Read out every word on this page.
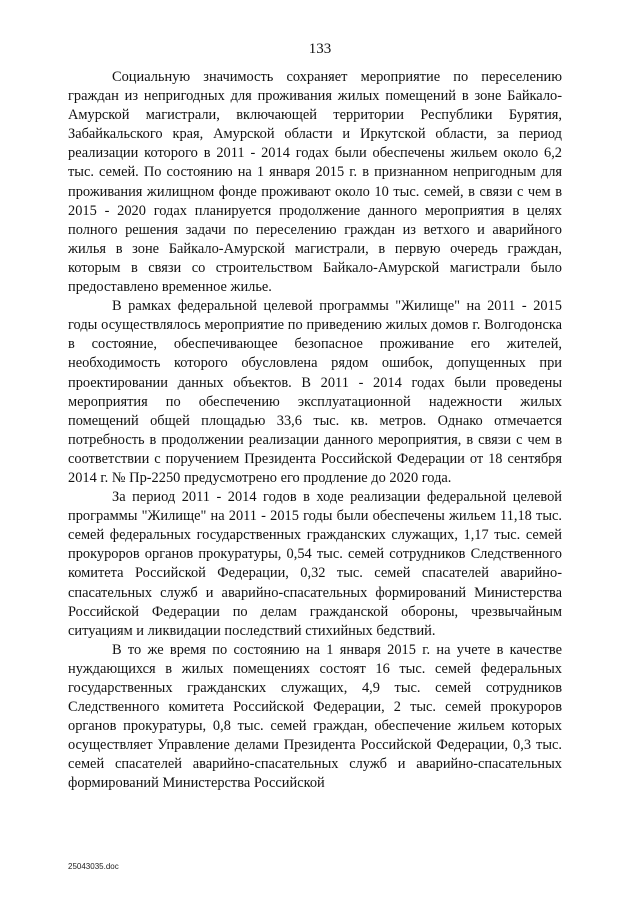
133

Социальную значимость сохраняет мероприятие по переселению граждан из непригодных для проживания жилых помещений в зоне Байкало-Амурской магистрали, включающей территории Республики Бурятия, Забайкальского края, Амурской области и Иркутской области, за период реализации которого в 2011 - 2014 годах были обеспечены жильем около 6,2 тыс. семей. По состоянию на 1 января 2015 г. в признанном непригодным для проживания жилищном фонде проживают около 10 тыс. семей, в связи с чем в 2015 - 2020 годах планируется продолжение данного мероприятия в целях полного решения задачи по переселению граждан из ветхого и аварийного жилья в зоне Байкало-Амурской магистрали, в первую очередь граждан, которым в связи со строительством Байкало-Амурской магистрали было предоставлено временное жилье.

В рамках федеральной целевой программы "Жилище" на 2011 - 2015 годы осуществлялось мероприятие по приведению жилых домов г. Волгодонска в состояние, обеспечивающее безопасное проживание его жителей, необходимость которого обусловлена рядом ошибок, допущенных при проектировании данных объектов. В 2011 - 2014 годах были проведены мероприятия по обеспечению эксплуатационной надежности жилых помещений общей площадью 33,6 тыс. кв. метров. Однако отмечается потребность в продолжении реализации данного мероприятия, в связи с чем в соответствии с поручением Президента Российской Федерации от 18 сентября 2014 г. № Пр-2250 предусмотрено его продление до 2020 года.

За период 2011 - 2014 годов в ходе реализации федеральной целевой программы "Жилище" на 2011 - 2015 годы были обеспечены жильем 11,18 тыс. семей федеральных государственных гражданских служащих, 1,17 тыс. семей прокуроров органов прокуратуры, 0,54 тыс. семей сотрудников Следственного комитета Российской Федерации, 0,32 тыс. семей спасателей аварийно-спасательных служб и аварийно-спасательных формирований Министерства Российской Федерации по делам гражданской обороны, чрезвычайным ситуациям и ликвидации последствий стихийных бедствий.

В то же время по состоянию на 1 января 2015 г. на учете в качестве нуждающихся в жилых помещениях состоят 16 тыс. семей федеральных государственных гражданских служащих, 4,9 тыс. семей сотрудников Следственного комитета Российской Федерации, 2 тыс. семей прокуроров органов прокуратуры, 0,8 тыс. семей граждан, обеспечение жильем которых осуществляет Управление делами Президента Российской Федерации, 0,3 тыс. семей спасателей аварийно-спасательных служб и аварийно-спасательных формирований Министерства Российской

25043035.doc
